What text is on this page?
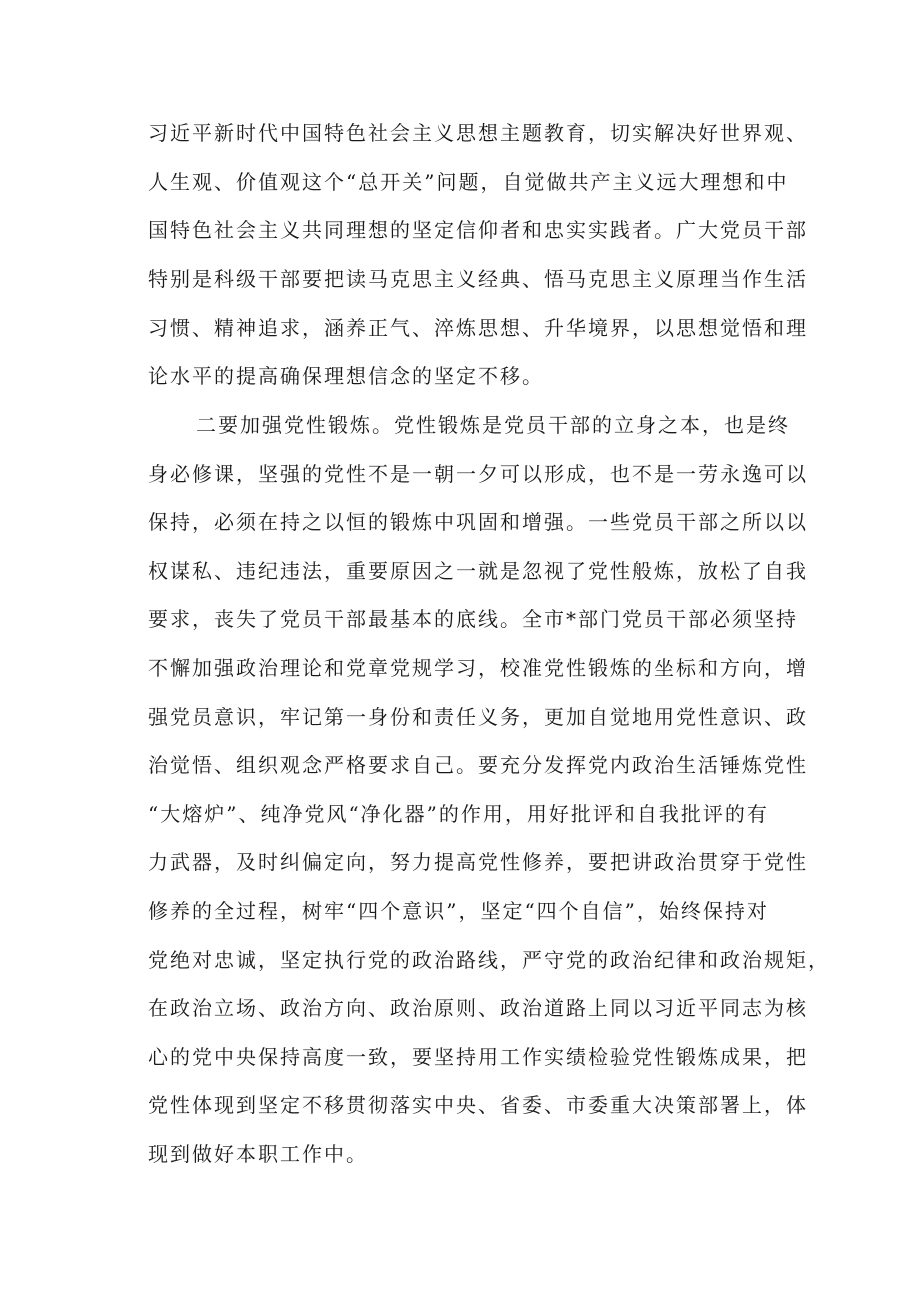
习近平新时代中国特色社会主义思想主题教育，切实解决好世界观、
人生观、价值观这个“总开关”问题，自觉做共产主义远大理想和中
国特色社会主义共同理想的坚定信仰者和忠实实践者。广大党员干部
特别是科级干部要把读马克思主义经典、悟马克思主义原理当作生活
习惯、精神追求，涵养正气、淬炼思想、升华境界，以思想觉悟和理
论水平的提高确保理想信念的坚定不移。
二要加强党性锻炼。党性锻炼是党员干部的立身之本，也是终
身必修课，坚强的党性不是一朝一夕可以形成，也不是一劳永逸可以
保持，必须在持之以恒的锻炼中巩固和增强。一些党员干部之所以以
权谋私、违纪违法，重要原因之一就是忽视了党性般炼，放松了自我
要求，丧失了党员干部最基本的底线。全市*部门党员干部必须坚持
不懈加强政治理论和党章党规学习，校准党性锻炼的坐标和方向，增
强党员意识，牢记第一身份和责任义务，更加自觉地用党性意识、政
治觉悟、组织观念严格要求自己。要充分发挥党内政治生活锤炼党性
“大熔炉”、纯净党风“净化器”的作用，用好批评和自我批评的有
力武器，及时纠偏定向，努力提高党性修养，要把讲政治贯穿于党性
修养的全过程，树牢“四个意识”，坚定“四个自信”，始终保持对
党绝对忠诚，坚定执行党的政治路线，严守党的政治纪律和政治规矩，
在政治立场、政治方向、政治原则、政治道路上同以习近平同志为核
心的党中央保持高度一致，要坚持用工作实绩检验党性锻炼成果，把
党性体现到坚定不移贯彻落实中央、省委、市委重大决策部署上，体
现到做好本职工作中。
